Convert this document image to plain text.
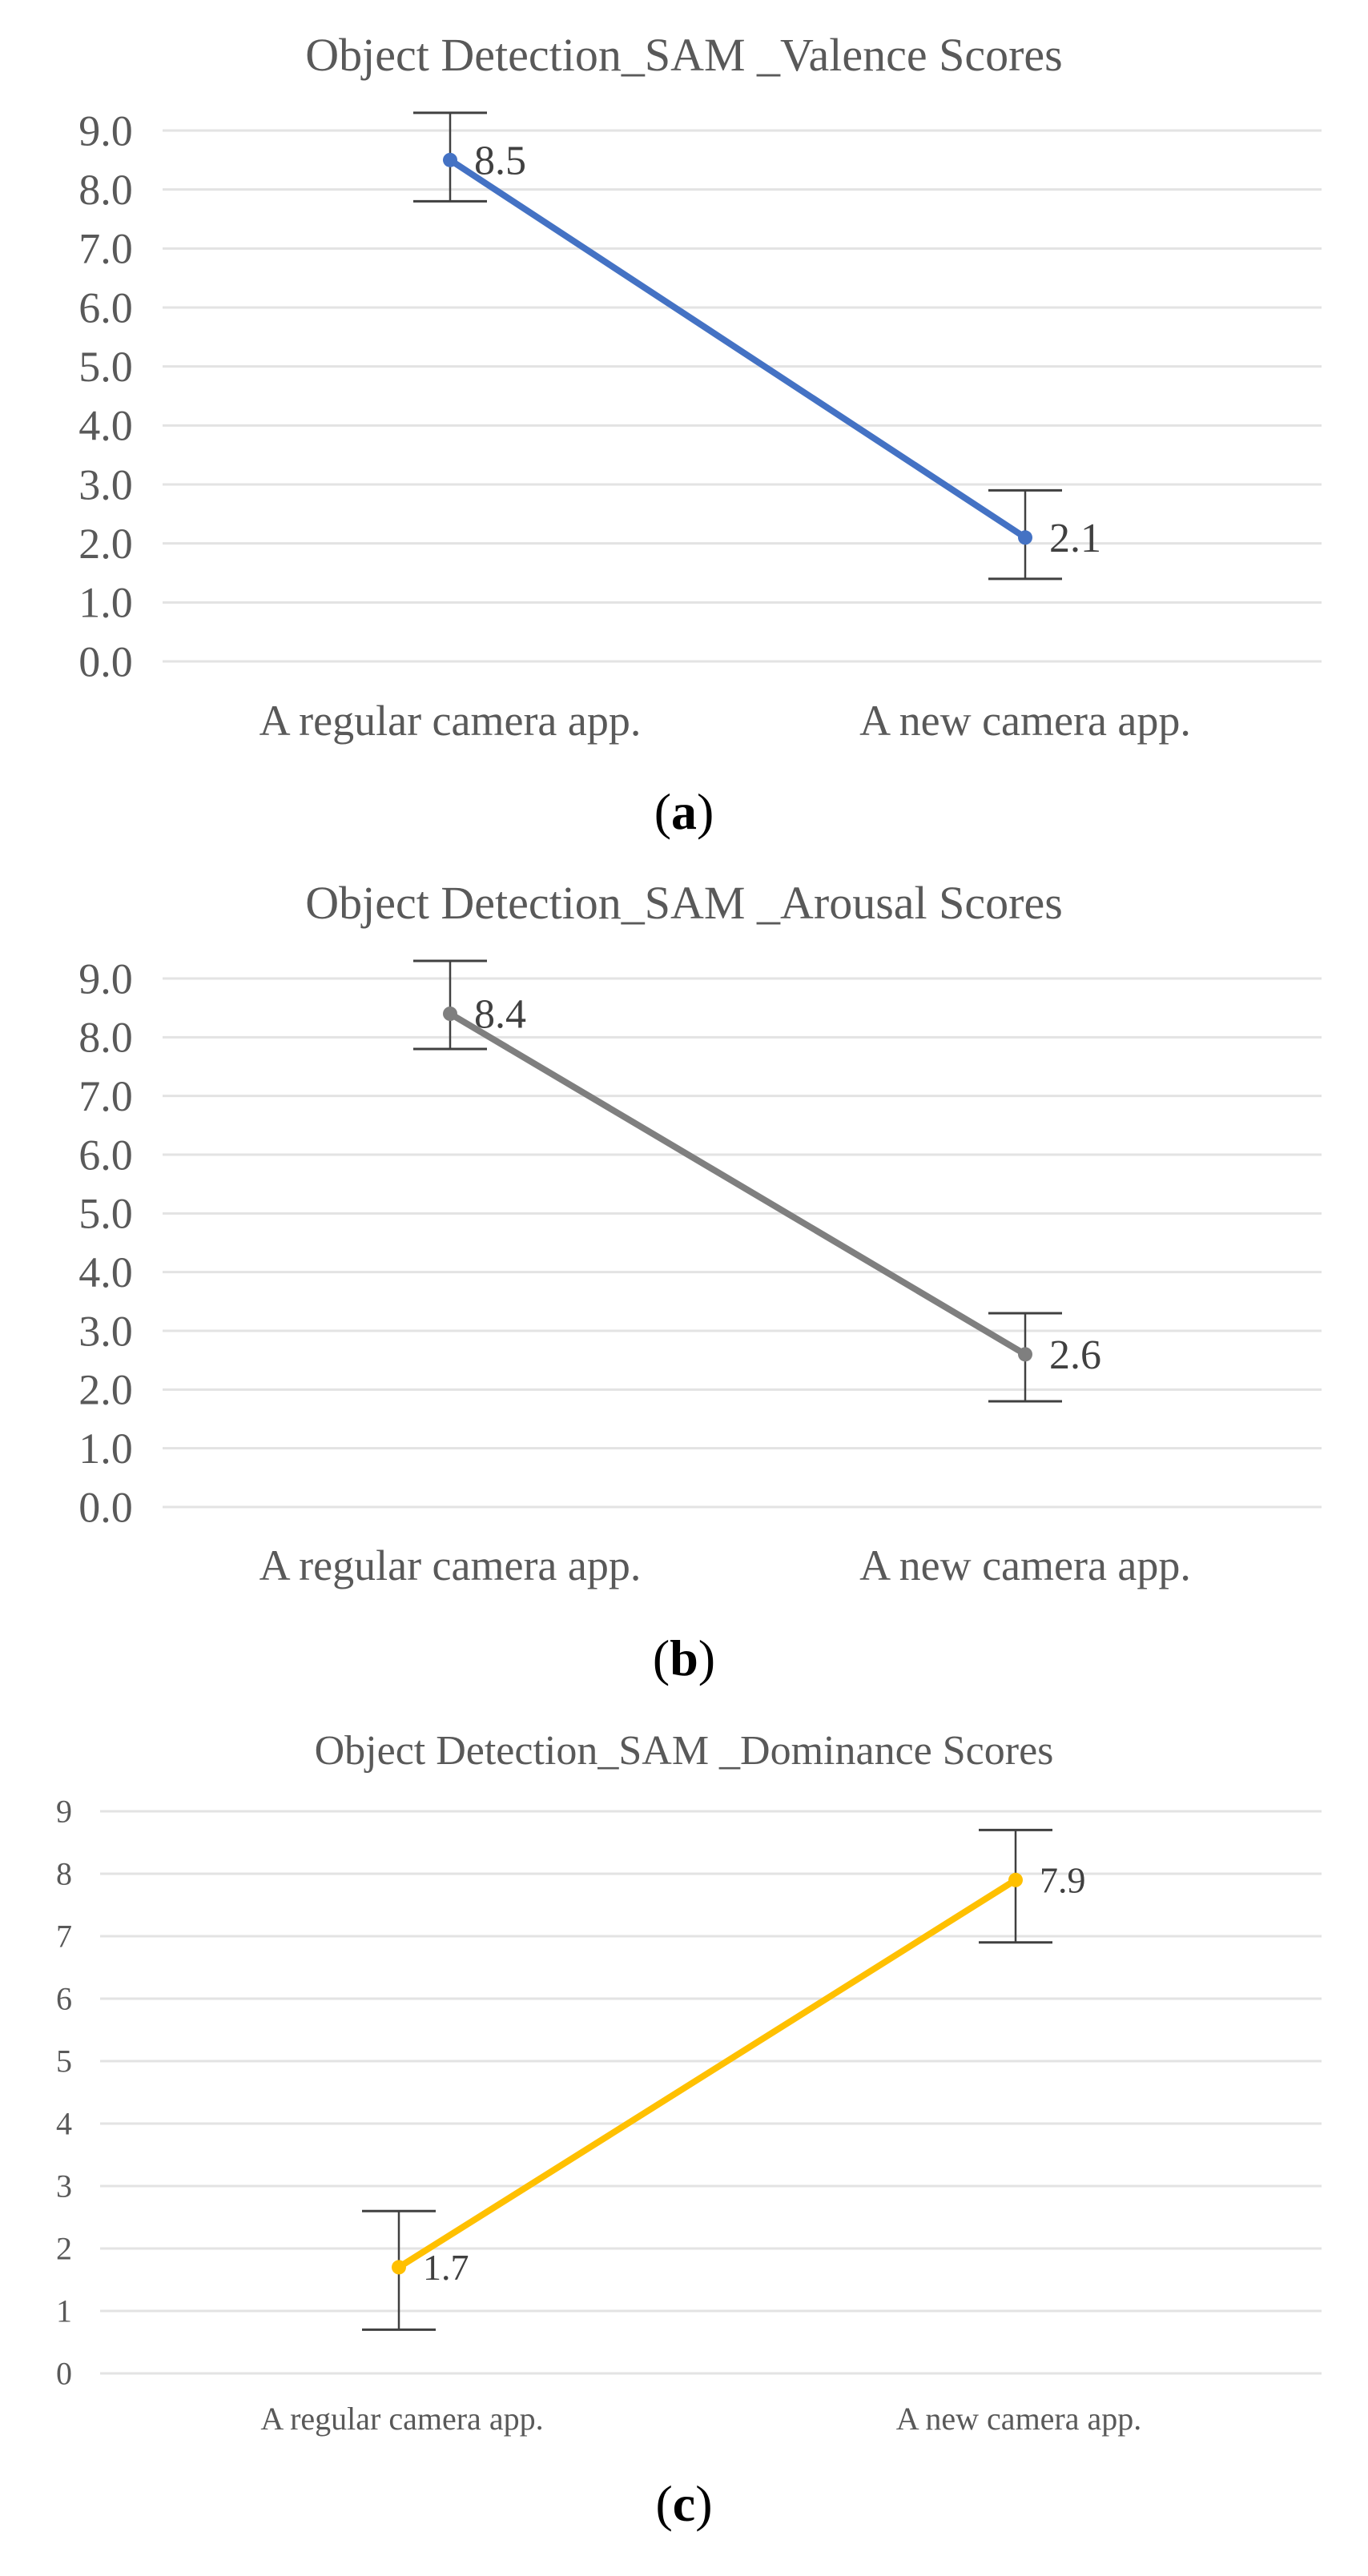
Object Detection_SAM _Valence Scores
0.0
1.0
2.0
3.0
4.0
5.0
6.0
7.0
8.0
9.0
8.5
2.1
A regular camera app.	A new camera app.
(a)
Object Detection_SAM _Arousal Scores
0.0
1.0
2.0
3.0
4.0
5.0
6.0
7.0
8.0
9.0
8.4
2.6
A regular camera app.	A new camera app.
(b)
Object Detection_SAM _Dominance Scores
0
1
2
3
4
5
6
7
8
9
1.7
7.9
A regular camera app.	A new camera app.
(c)
